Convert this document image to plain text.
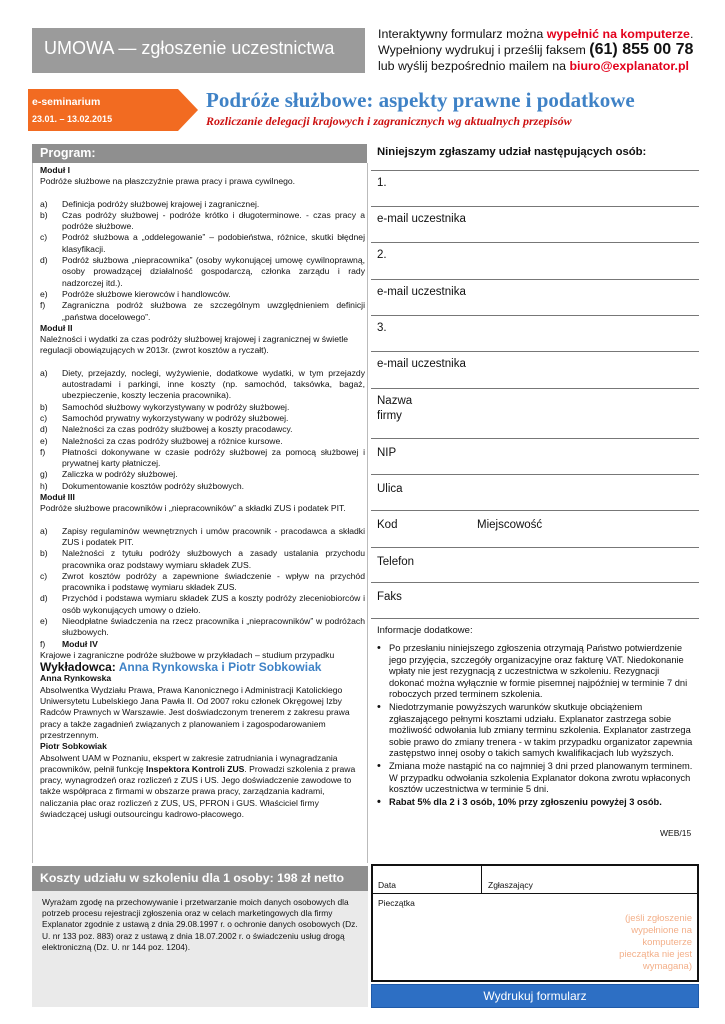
UMOWA — zgłoszenie uczestnictwa
Interaktywny formularz można wypełnić na komputerze.
Wypełniony wydrukuj i prześlij faksem (61) 855 00 78
lub wyślij bezpośrednio mailem na biuro@explanator.pl
e-seminarium
23.01. – 13.02.2015
Podróże służbowe: aspekty prawne i podatkowe
Rozliczanie delegacji krajowych i zagranicznych wg aktualnych przepisów
Program:
Moduł I
Podróże służbowe na płaszczyźnie prawa pracy i prawa cywilnego.
a)	Definicja podróży służbowej krajowej i zagranicznej.
b)	Czas podróży służbowej - podróże krótko i długoterminowe. - czas pracy a podróże służbowe.
c)	Podróż służbowa a „oddelegowanie” – podobieństwa, różnice, skutki błędnej klasyfikacji.
d)	Podróż służbowa „niepracownika” (osoby wykonującej umowę cywilnoprawną, osoby prowadzącej działalność gospodarczą, członka zarządu i rady nadzorczej itd.).
e)	Podróże służbowe kierowców i handlowców.
f)	Zagraniczna podróż służbowa ze szczególnym uwzględnieniem definicji „państwa docelowego”.
Moduł II
Należności i wydatki za czas podróży służbowej krajowej i zagranicznej w świetle regulacji obowiązujących w 2013r. (zwrot kosztów a ryczałt).
a)	Diety, przejazdy, noclegi, wyżywienie, dodatkowe wydatki, w tym przejazdy autostradami i parkingi, inne koszty (np. samochód, taksówka, bagaż, ubezpieczenie, koszty leczenia pracownika).
b)	Samochód służbowy wykorzystywany w podróży służbowej.
c)	Samochód prywatny wykorzystywany w podróży służbowej.
d)	Należności za czas podróży służbowej a koszty pracodawcy.
e)	Należności za czas podróży służbowej a różnice kursowe.
f)	Płatności dokonywane w czasie podróży służbowej za pomocą służbowej i prywatnej karty płatniczej.
g)	Zaliczka w podróży służbowej.
h)	Dokumentowanie kosztów podróży służbowych.
Moduł III
Podróże służbowe pracowników i „niepracowników” a składki ZUS i podatek PIT.
a)	Zapisy regulaminów wewnętrznych i umów pracownik - pracodawca a składki ZUS i podatek PIT.
b)	Należności z tytułu podróży służbowych a zasady ustalania przychodu pracownika oraz podstawy wymiaru składek ZUS.
c)	Zwrot kosztów podróży a zapewnione świadczenie - wpływ na przychód pracownika i podstawę wymiaru składek ZUS.
d)	Przychód i podstawa wymiaru składek ZUS a koszty podróży zleceniobiorców i osób wykonujących umowy o dzieło.
e)	Nieodpłatne świadczenia na rzecz pracownika i „niepracowników” w podróżach służbowych.
f)	Moduł IV
Krajowe i zagraniczne podróże służbowe w przykładach – studium przypadku
Wykładowca: Anna Rynkowska i Piotr Sobkowiak
Anna Rynkowska
Absolwentka Wydziału Prawa, Prawa Kanonicznego i Administracji Katolickiego Uniwersytetu Lubelskiego Jana Pawła II. Od 2007 roku członek Okręgowej Izby Radców Prawnych w Warszawie. Jest doświadczonym trenerem z zakresu prawa pracy a także zagadnień związanych z planowaniem i zagospodarowaniem przestrzennym.
Piotr Sobkowiak
Absolwent UAM w Poznaniu, ekspert w zakresie zatrudniania i wynagradzania pracowników, pełnił funkcję Inspektora Kontroli ZUS. Prowadzi szkolenia z prawa pracy, wynagrodzeń oraz rozliczeń z ZUS i US. Jego doświadczenie zawodowe to także współpraca z firmami w obszarze prawa pracy, zarządzania kadrami, naliczania płac oraz rozliczeń z ZUS, US, PFRON i GUS. Właściciel firmy świadczącej usługi outsourcingu kadrowo-płacowego.
Koszty udziału w szkoleniu dla 1 osoby: 198 zł netto
Wyrażam zgodę na przechowywanie i przetwarzanie moich danych osobowych dla potrzeb procesu rejestracji zgłoszenia oraz w celach marketingowych dla firmy Explanator zgodnie z ustawą z dnia 29.08.1997 r. o ochronie danych osobowych (Dz. U. nr 133 poz. 883) oraz z ustawą z dnia 18.07.2002 r. o świadczeniu usług drogą elektroniczną (Dz. U. nr 144 poz. 1204).
Niniejszym zgłaszamy udział następujących osób:
1.
e-mail uczestnika
2.
e-mail uczestnika
3.
e-mail uczestnika
Nazwa firmy
NIP
Ulica
Kod	Miejscowość
Telefon
Faks
Informacje dodatkowe:
• Po przesłaniu niniejszego zgłoszenia otrzymają Państwo potwierdzenie jego przyjęcia, szczegóły organizacyjne oraz fakturę VAT. Niedokonanie wpłaty nie jest rezygnacją z uczestnictwa w szkoleniu. Rezygnacji dokonać można wyłącznie w formie pisemnej najpóźniej w terminie 7 dni roboczych przed terminem szkolenia.
• Niedotrzymanie powyższych warunków skutkuje obciążeniem zgłaszającego pełnymi kosztami udziału. Explanator zastrzega sobie możliwość odwołania lub zmiany terminu szkolenia. Explanator zastrzega sobie prawo do zmiany trenera - w takim przypadku organizator zapewnia zastępstwo innej osoby o takich samych kwalifikacjach lub wyższych.
• Zmiana może nastąpić na co najmniej 3 dni przed planowanym terminem. W przypadku odwołania szkolenia Explanator dokona zwrotu wpłaconych kosztów uczestnictwa w terminie 5 dni.
• Rabat 5% dla 2 i 3 osób, 10% przy zgłoszeniu powyżej 3 osób.
WEB/15
Data	Zgłaszający
Pieczątka
(jeśli zgłoszenie wypełnione na komputerze pieczątka nie jest wymagana)
Wydrukuj formularz
